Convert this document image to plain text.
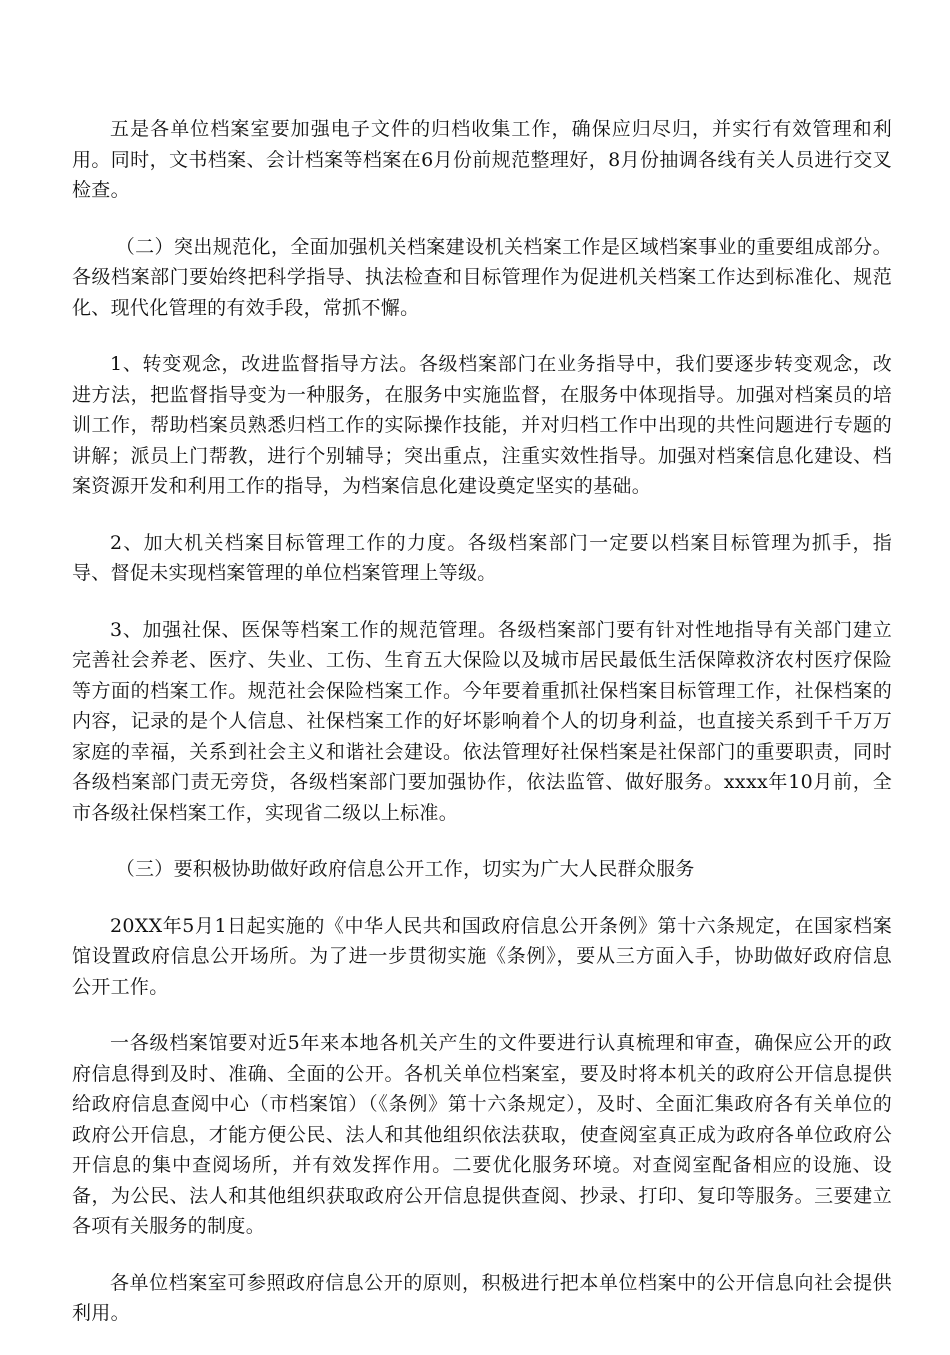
五是各单位档案室要加强电子文件的归档收集工作，确保应归尽归，并实行有效管理和利用。同时，文书档案、会计档案等档案在6月份前规范整理好，8月份抽调各线有关人员进行交叉检查。

（二）突出规范化，全面加强机关档案建设机关档案工作是区域档案事业的重要组成部分。各级档案部门要始终把科学指导、执法检查和目标管理作为促进机关档案工作达到标准化、规范化、现代化管理的有效手段，常抓不懈。

1、转变观念，改进监督指导方法。各级档案部门在业务指导中，我们要逐步转变观念，改进方法，把监督指导变为一种服务，在服务中实施监督，在服务中体现指导。加强对档案员的培训工作，帮助档案员熟悉归档工作的实际操作技能，并对归档工作中出现的共性问题进行专题的讲解；派员上门帮教，进行个别辅导；突出重点，注重实效性指导。加强对档案信息化建设、档案资源开发和利用工作的指导，为档案信息化建设奠定坚实的基础。

2、加大机关档案目标管理工作的力度。各级档案部门一定要以档案目标管理为抓手，指导、督促未实现档案管理的单位档案管理上等级。

3、加强社保、医保等档案工作的规范管理。各级档案部门要有针对性地指导有关部门建立完善社会养老、医疗、失业、工伤、生育五大保险以及城市居民最低生活保障救济农村医疗保险等方面的档案工作。规范社会保险档案工作。今年要着重抓社保档案目标管理工作，社保档案的内容，记录的是个人信息、社保档案工作的好坏影响着个人的切身利益，也直接关系到千千万万家庭的幸福，关系到社会主义和谐社会建设。依法管理好社保档案是社保部门的重要职责，同时各级档案部门责无旁贷，各级档案部门要加强协作，依法监管、做好服务。xxxx年10月前，全市各级社保档案工作，实现省二级以上标准。

（三）要积极协助做好政府信息公开工作，切实为广大人民群众服务

20XX年5月1日起实施的《中华人民共和国政府信息公开条例》第十六条规定，在国家档案馆设置政府信息公开场所。为了进一步贯彻实施《条例》，要从三方面入手，协助做好政府信息公开工作。

一各级档案馆要对近5年来本地各机关产生的文件要进行认真梳理和审查，确保应公开的政府信息得到及时、准确、全面的公开。各机关单位档案室，要及时将本机关的政府公开信息提供给政府信息查阅中心（市档案馆）（《条例》第十六条规定），及时、全面汇集政府各有关单位的政府公开信息，才能方便公民、法人和其他组织依法获取，使查阅室真正成为政府各单位政府公开信息的集中查阅场所，并有效发挥作用。二要优化服务环境。对查阅室配备相应的设施、设备，为公民、法人和其他组织获取政府公开信息提供查阅、抄录、打印、复印等服务。三要建立各项有关服务的制度。

各单位档案室可参照政府信息公开的原则，积极进行把本单位档案中的公开信息向社会提供利用。
